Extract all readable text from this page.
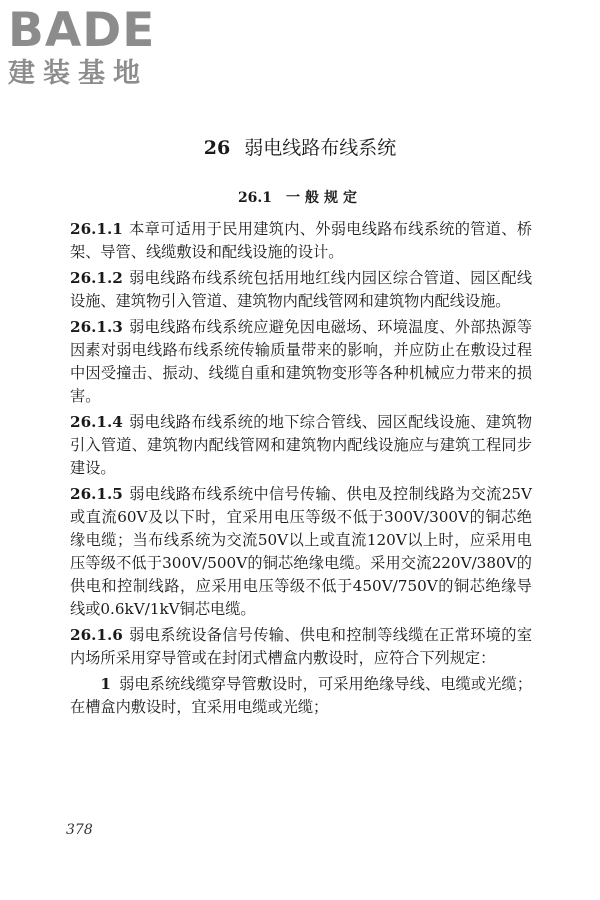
BADE
建装基地
26 弱电线路布线系统
26.1 一般规定

26.1.1 本章可适用于民用建筑内、外弱电线路布线系统的管道、桥架、导管、线缆敷设和配线设施的设计。

26.1.2 弱电线路布线系统包括用地红线内园区综合管道、园区配线设施、建筑物引入管道、建筑物内配线管网和建筑物内配线设施。

26.1.3 弱电线路布线系统应避免因电磁场、环境温度、外部热源等因素对弱电线路布线系统传输质量带来的影响，并应防止在敷设过程中因受撞击、振动、线缆自重和建筑物变形等各种机械应力带来的损害。

26.1.4 弱电线路布线系统的地下综合管线、园区配线设施、建筑物引入管道、建筑物内配线管网和建筑物内配线设施应与建筑工程同步建设。

26.1.5 弱电线路布线系统中信号传输、供电及控制线路为交流25V或直流60V及以下时，宜采用电压等级不低于300V/300V的铜芯绝缘电缆；当布线系统为交流50V以上或直流120V以上时，应采用电压等级不低于300V/500V的铜芯绝缘电缆。采用交流220V/380V的供电和控制线路，应采用电压等级不低于450V/750V的铜芯绝缘导线或0.6kV/1kV铜芯电缆。

26.1.6 弱电系统设备信号传输、供电和控制等线缆在正常环境的室内场所采用穿导管或在封闭式槽盒内敷设时，应符合下列规定：

1 弱电系统线缆穿导管敷设时，可采用绝缘导线、电缆或光缆；在槽盒内敷设时，宜采用电缆或光缆；

378
